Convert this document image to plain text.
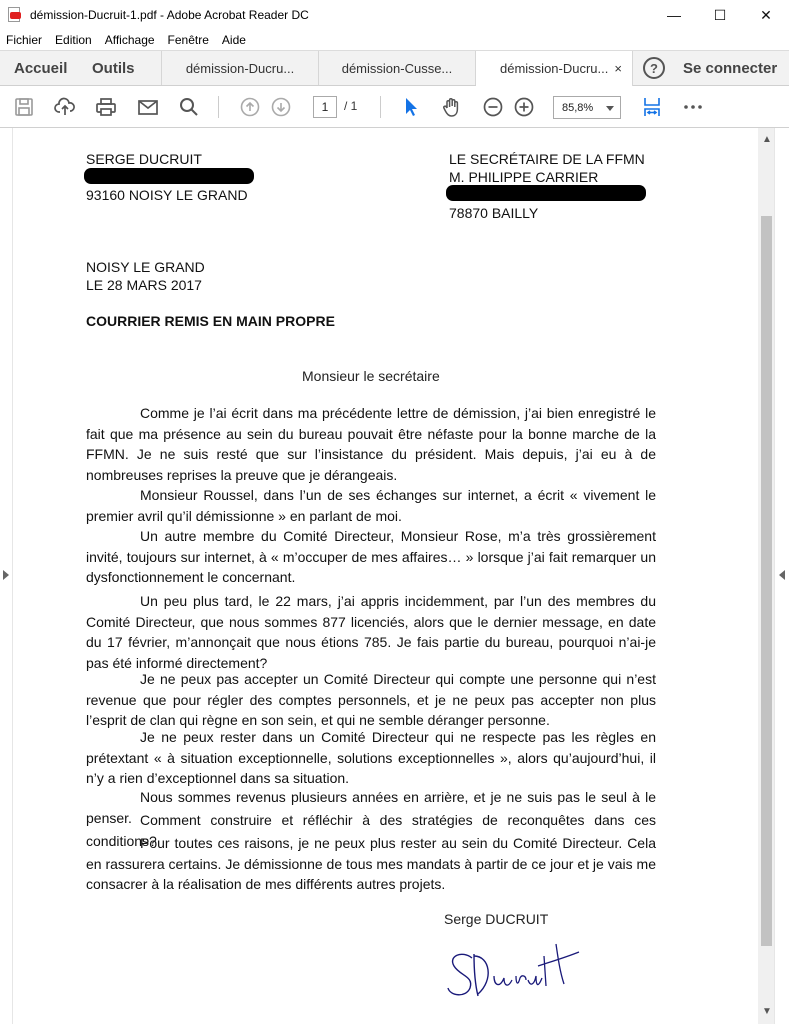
démission-Ducruit-1.pdf - Adobe Acrobat Reader DC	—	☐	✕
Fichier Edition Affichage Fenêtre Aide
Accueil	Outils	démission-Ducru...	démission-Cusse...	démission-Ducru... ×	?	Se connecter
1	/ 1	85,8%
SERGE DUCRUIT
93160 NOISY LE GRAND
LE SECRÉTAIRE DE LA FFMN
M. PHILIPPE CARRIER
78870 BAILLY
NOISY LE GRAND
LE 28 MARS 2017
COURRIER REMIS EN MAIN PROPRE
Monsieur le secrétaire
Comme je l’ai écrit dans ma précédente lettre de démission, j’ai bien enregistré le fait que ma présence au sein du bureau pouvait être néfaste pour la bonne marche de la FFMN. Je ne suis resté que sur l’insistance du président. Mais depuis, j’ai eu à de nombreuses reprises la preuve que je dérangeais.
Monsieur Roussel, dans l’un de ses échanges sur internet, a écrit « vivement le premier avril qu’il démissionne » en parlant de moi.
Un autre membre du Comité Directeur, Monsieur Rose, m’a très grossièrement invité, toujours sur internet, à « m’occuper de mes affaires… » lorsque j’ai fait remarquer un dysfonctionnement le concernant.
Un peu plus tard, le 22 mars, j’ai appris incidemment, par l’un des membres du Comité Directeur, que nous sommes 877 licenciés, alors que le dernier message, en date du 17 février, m’annonçait que nous étions 785. Je fais partie du bureau, pourquoi n’ai-je pas été informé directement?
Je ne peux pas accepter un Comité Directeur qui compte une personne qui n’est revenue que pour régler des comptes personnels, et je ne peux pas accepter non plus l’esprit de clan qui règne en son sein, et qui ne semble déranger personne.
Je ne peux rester dans un Comité Directeur qui ne respecte pas les règles en prétextant « à situation exceptionnelle, solutions exceptionnelles », alors qu’aujourd’hui, il n’y a rien d’exceptionnel dans sa situation.
Nous sommes revenus plusieurs années en arrière, et je ne suis pas le seul à le penser. Comment construire et réfléchir à des stratégies de reconquêtes dans ces conditions?
Pour toutes ces raisons, je ne peux plus rester au sein du Comité Directeur. Cela en rassurera certains. Je démissionne de tous mes mandats à partir de ce jour et je vais me consacrer à la réalisation de mes différents autres projets.
Serge DUCRUIT
▲
▼
